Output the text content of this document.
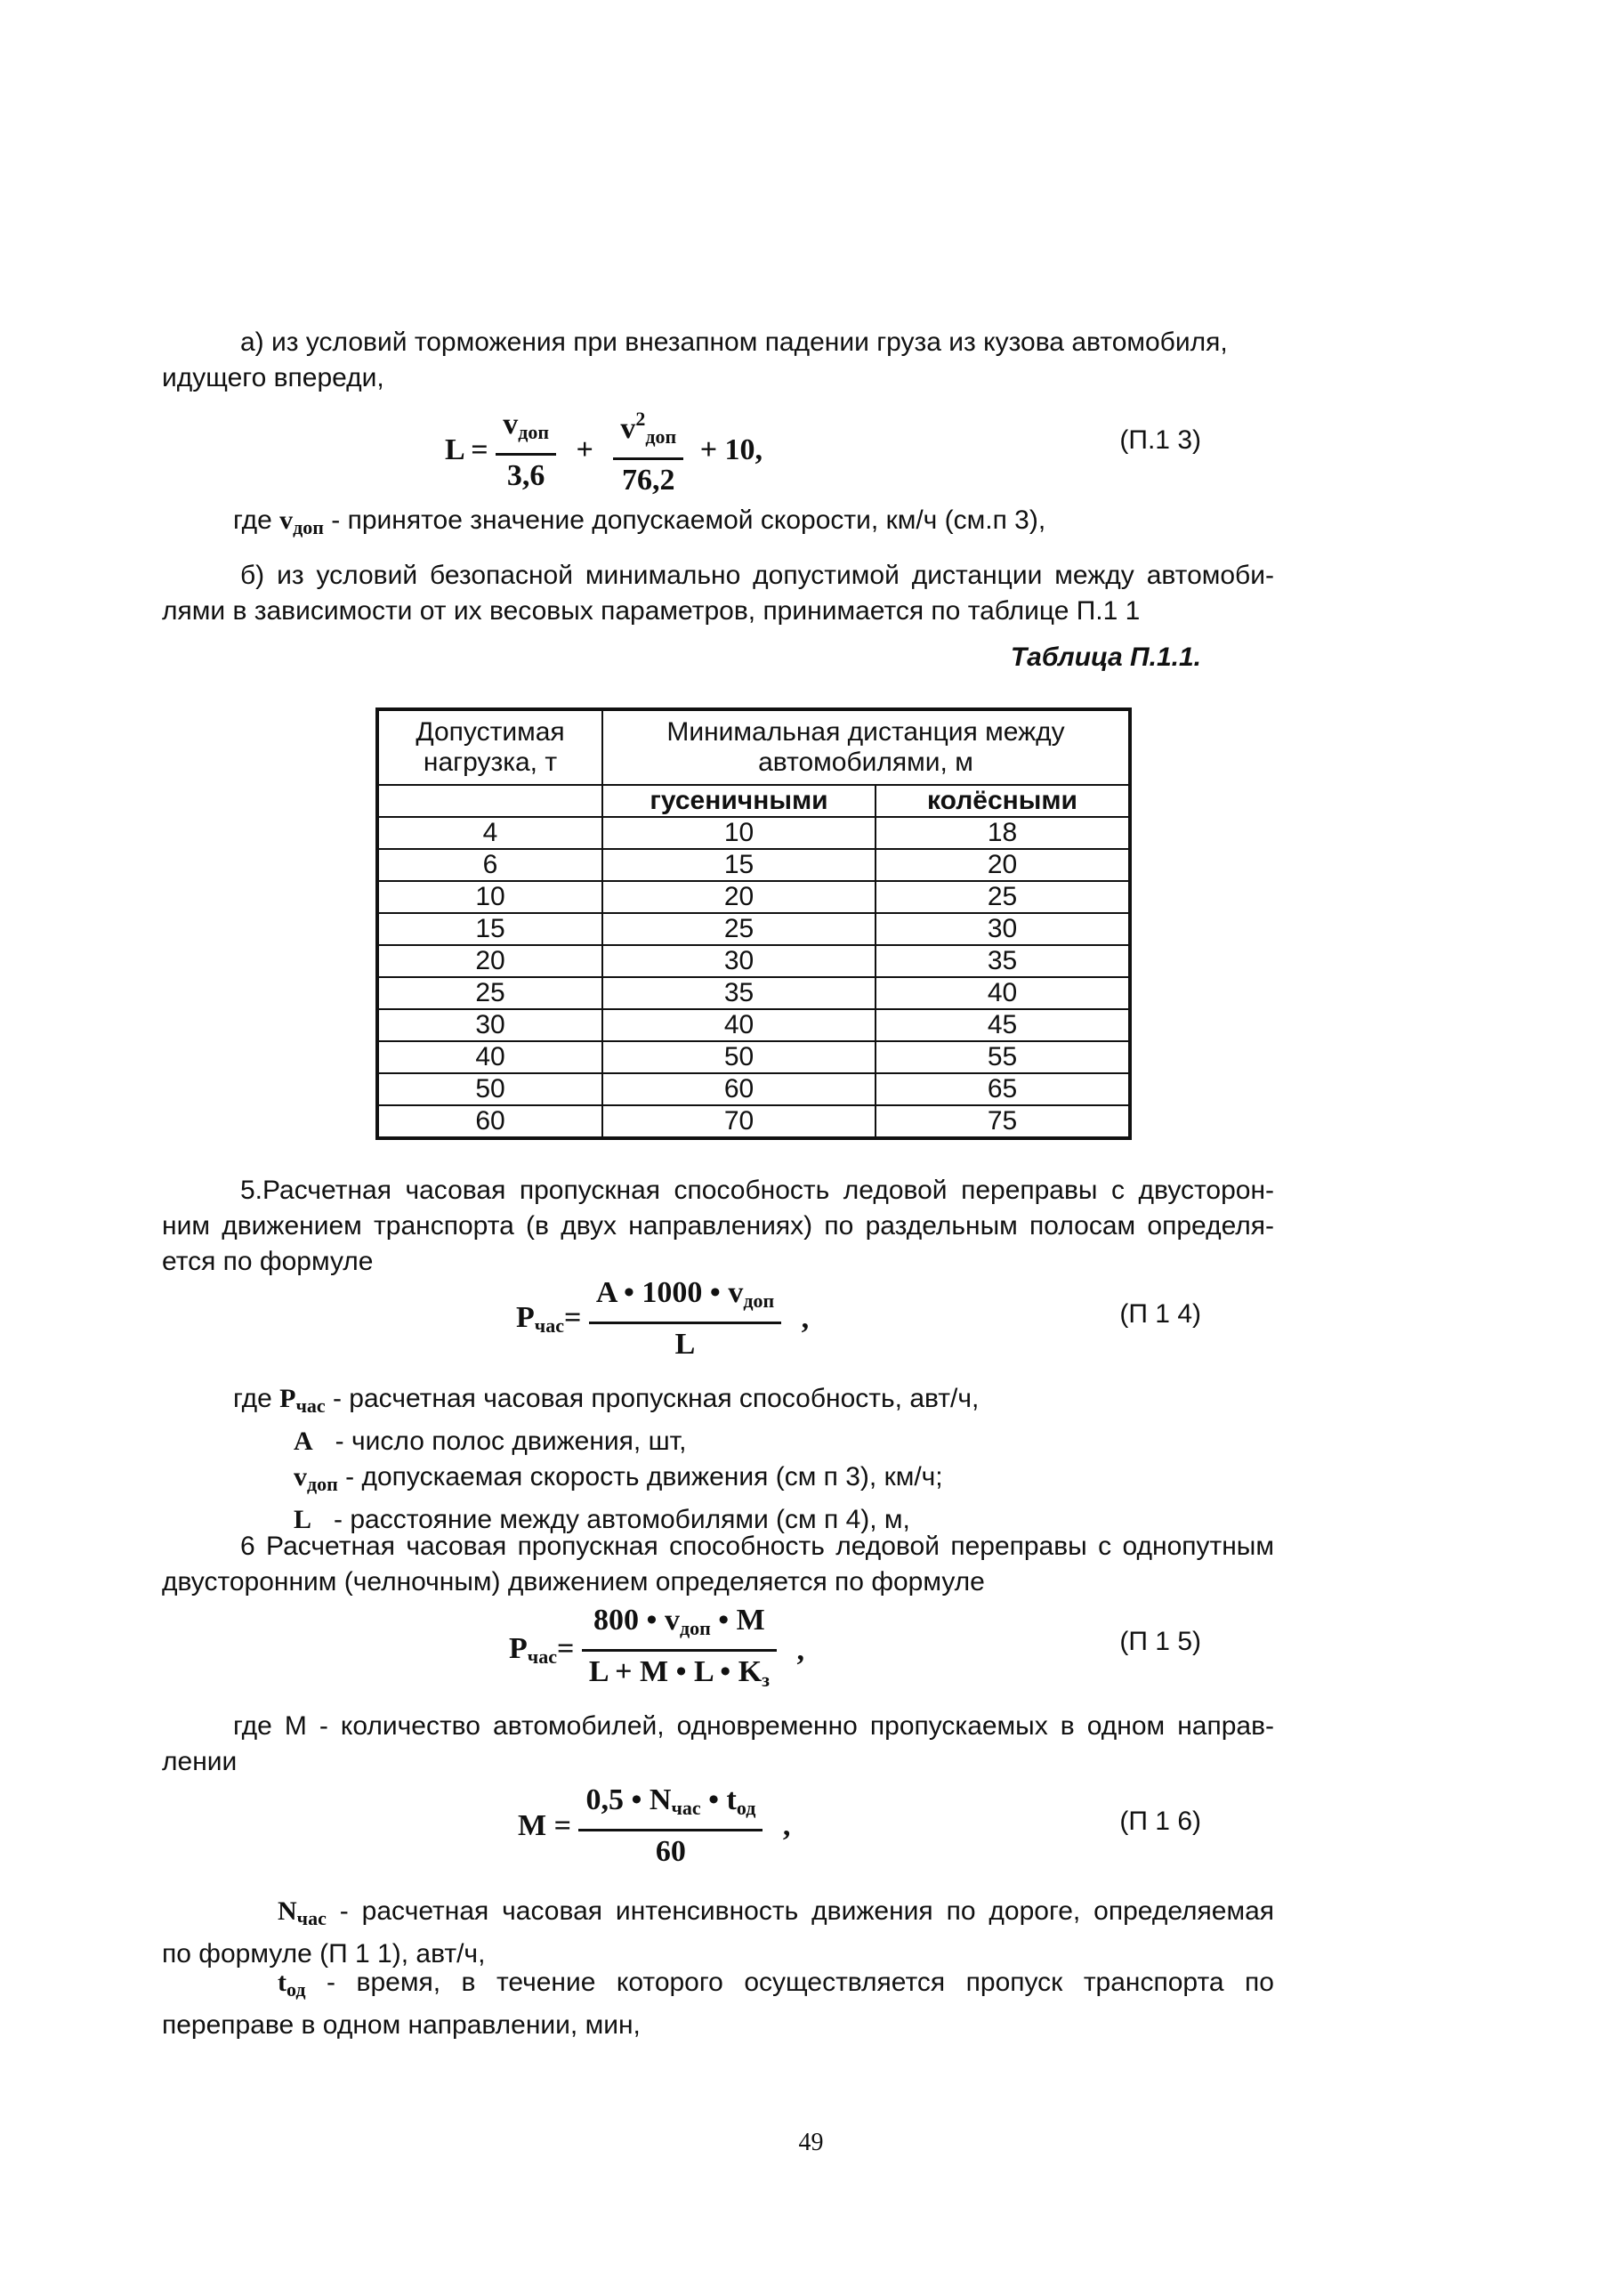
а) из условий торможения при внезапном падении груза из кузова автомобиля,
идущего впереди,
$L = \frac{v_{доп}}{3,6} + \frac{v^2_{доп}}{76,2} + 10$,	(П.1 3)
где $v_{доп}$ - принятое значение допускаемой скорости, км/ч (см.п 3),
б) из условий безопасной минимально допустимой дистанции между автомоби-
лями в зависимости от их весовых параметров, принимается по таблице П.1 1
Таблица П.1.1.
Допустимая нагрузка, т	Минимальная дистанция между автомобилями, м	
	гусеничными	колёсными
4	10	18
6	15	20
10	20	25
15	25	30
20	30	35
25	35	40
30	40	45
40	50	55
50	60	65
60	70	75
5.Расчетная часовая пропускная способность ледовой переправы с двусторон-
ним движением транспорта (в двух направлениях) по раздельным полосам определя-
ется по формуле
$P_{час}= \frac{A • 1000 • v_{доп}}{L}$ ,	(П 1 4)
где $P_{час}$ - расчетная часовая пропускная способность, авт/ч,
A   - число полос движения, шт,
$v_{доп}$ - допускаемая скорость движения (см п 3), км/ч;
L   - расстояние между автомобилями (см п 4), м,
6 Расчетная часовая пропускная способность ледовой переправы с однопутным
двусторонним (челночным) движением определяется по формуле
$P_{час}= \frac{800 • v_{доп} • M}{L + M • L • K_з}$ ,	(П 1 5)
где M - количество автомобилей, одновременно пропускаемых в одном направ-
лении
$M = \frac{0,5 • N_{час} • t_{од}}{60}$ ,	(П 1 6)
$N_{час}$ - расчетная часовая интенсивность движения по дороге, определяемая
по формуле (П 1 1), авт/ч,
$t_{од}$ - время, в течение которого осуществляется пропуск транспорта по
переправе в одном направлении, мин,
49
